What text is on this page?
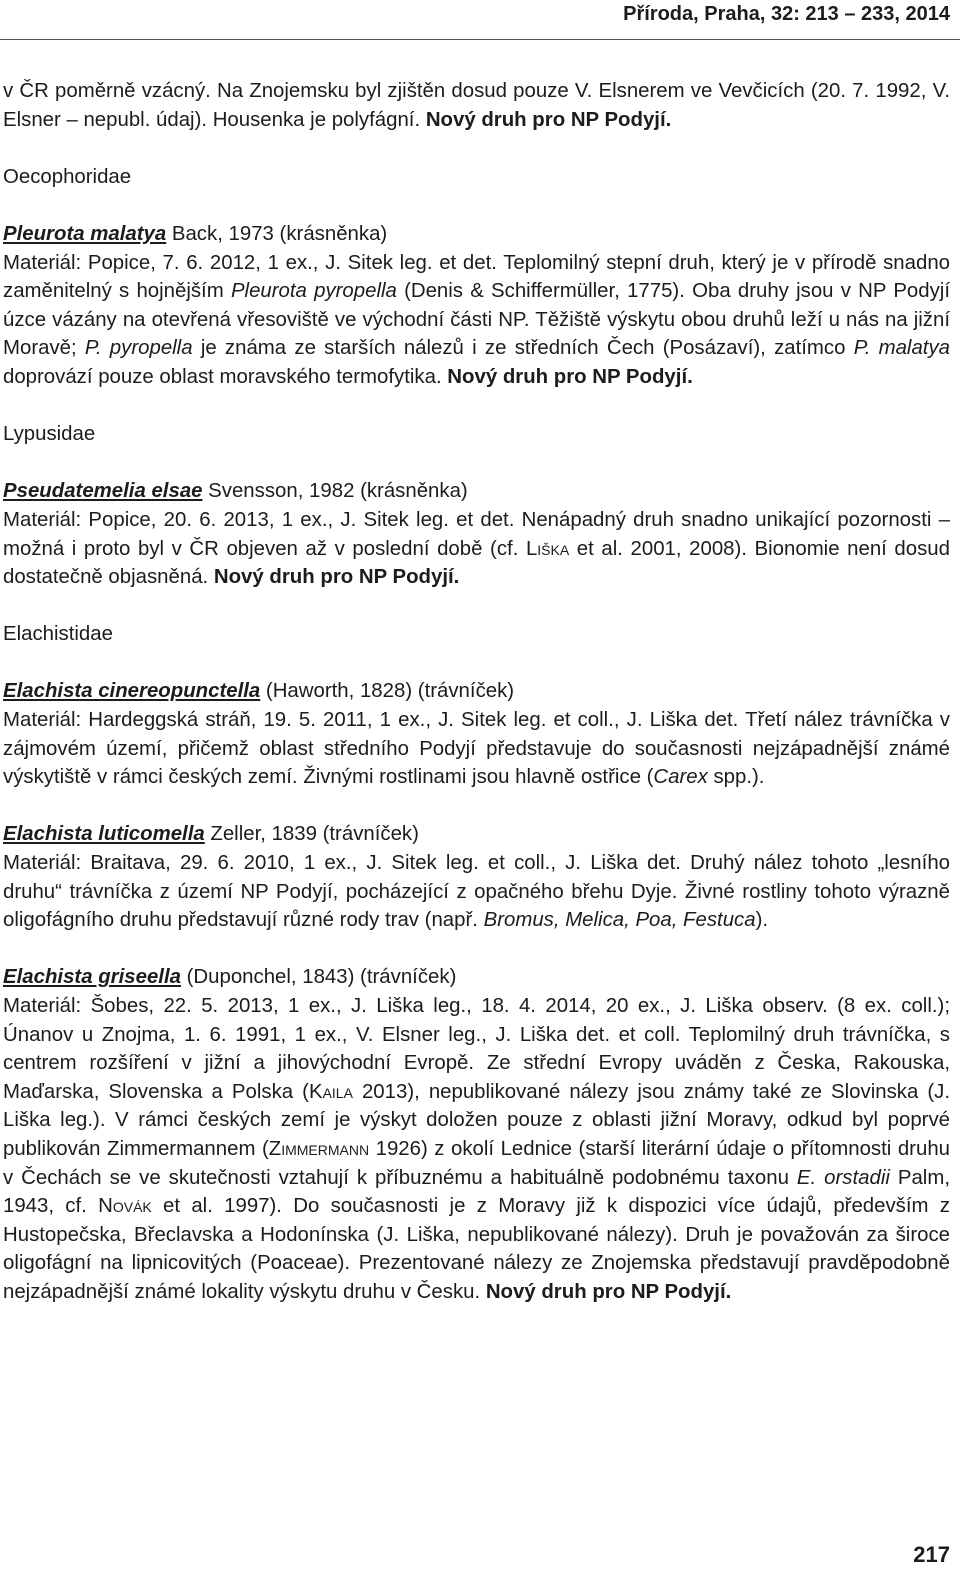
Příroda, Praha, 32: 213 – 233, 2014

v ČR poměrně vzácný. Na Znojemsku byl zjištěn dosud pouze V. Elsnerem ve Vevčicích (20. 7. 1992, V. Elsner – nepubl. údaj). Housenka je polyfágní. Nový druh pro NP Podyjí.

Oecophoridae

Pleurota malatya Back, 1973 (krásněnka)

Materiál: Popice, 7. 6. 2012, 1 ex., J. Sitek leg. et det. Teplomilný stepní druh, který je v přírodě snadno zaměnitelný s hojnějším Pleurota pyropella (Denis & Schiffermüller, 1775). Oba druhy jsou v NP Podyjí úzce vázány na otevřená vřesoviště ve východní části NP. Těžiště výskytu obou druhů leží u nás na jižní Moravě; P. pyropella je známa ze starších nálezů i ze středních Čech (Posázaví), zatímco P. malatya doprovází pouze oblast moravského termofytika. Nový druh pro NP Podyjí.

Lypusidae

Pseudatemelia elsae Svensson, 1982 (krásněnka)

Materiál: Popice, 20. 6. 2013, 1 ex., J. Sitek leg. et det. Nenápadný druh snadno unikající pozornosti – možná i proto byl v ČR objeven až v poslední době (cf. Liška et al. 2001, 2008). Bionomie není dosud dostatečně objasněná. Nový druh pro NP Podyjí.

Elachistidae

Elachista cinereopunctella (Haworth, 1828) (trávníček)

Materiál: Hardeggská stráň, 19. 5. 2011, 1 ex., J. Sitek leg. et coll., J. Liška det. Třetí nález trávníčka v zájmovém území, přičemž oblast středního Podyjí představuje do současnosti nejzápadnější známé výskytiště v rámci českých zemí. Živnými rostlinami jsou hlavně ostřice (Carex spp.).

Elachista luticomella Zeller, 1839 (trávníček)

Materiál: Braitava, 29. 6. 2010, 1 ex., J. Sitek leg. et coll., J. Liška det. Druhý nález tohoto „lesního druhu“ trávníčka z území NP Podyjí, pocházející z opačného břehu Dyje. Živné rostliny tohoto výrazně oligofágního druhu představují různé rody trav (např. Bromus, Melica, Poa, Festuca).

Elachista griseella (Duponchel, 1843) (trávníček)

Materiál: Šobes, 22. 5. 2013, 1 ex., J. Liška leg., 18. 4. 2014, 20 ex., J. Liška observ. (8 ex. coll.); Únanov u Znojma, 1. 6. 1991, 1 ex., V. Elsner leg., J. Liška det. et coll. Teplomilný druh trávníčka, s centrem rozšíření v jižní a jihovýchodní Evropě. Ze střední Evropy uváděn z Česka, Rakouska, Maďarska, Slovenska a Polska (Kaila 2013), nepublikované nálezy jsou známy také ze Slovinska (J. Liška leg.). V rámci českých zemí je výskyt doložen pouze z oblasti jižní Moravy, odkud byl poprvé publikován Zimmermannem (Zimmermann 1926) z okolí Lednice (starší literární údaje o přítomnosti druhu v Čechách se ve skutečnosti vztahují k příbuznému a habituálně podobnému taxonu E. orstadii Palm, 1943, cf. Novák et al. 1997). Do současnosti je z Moravy již k dispozici více údajů, především z Hustopečska, Břeclavska a Hodonínska (J. Liška, nepublikované nálezy). Druh je považován za široce oligofágní na lipnicovitých (Poaceae). Prezentované nálezy ze Znojemska představují pravděpodobně nejzápadnější známé lokality výskytu druhu v Česku. Nový druh pro NP Podyjí.

217
